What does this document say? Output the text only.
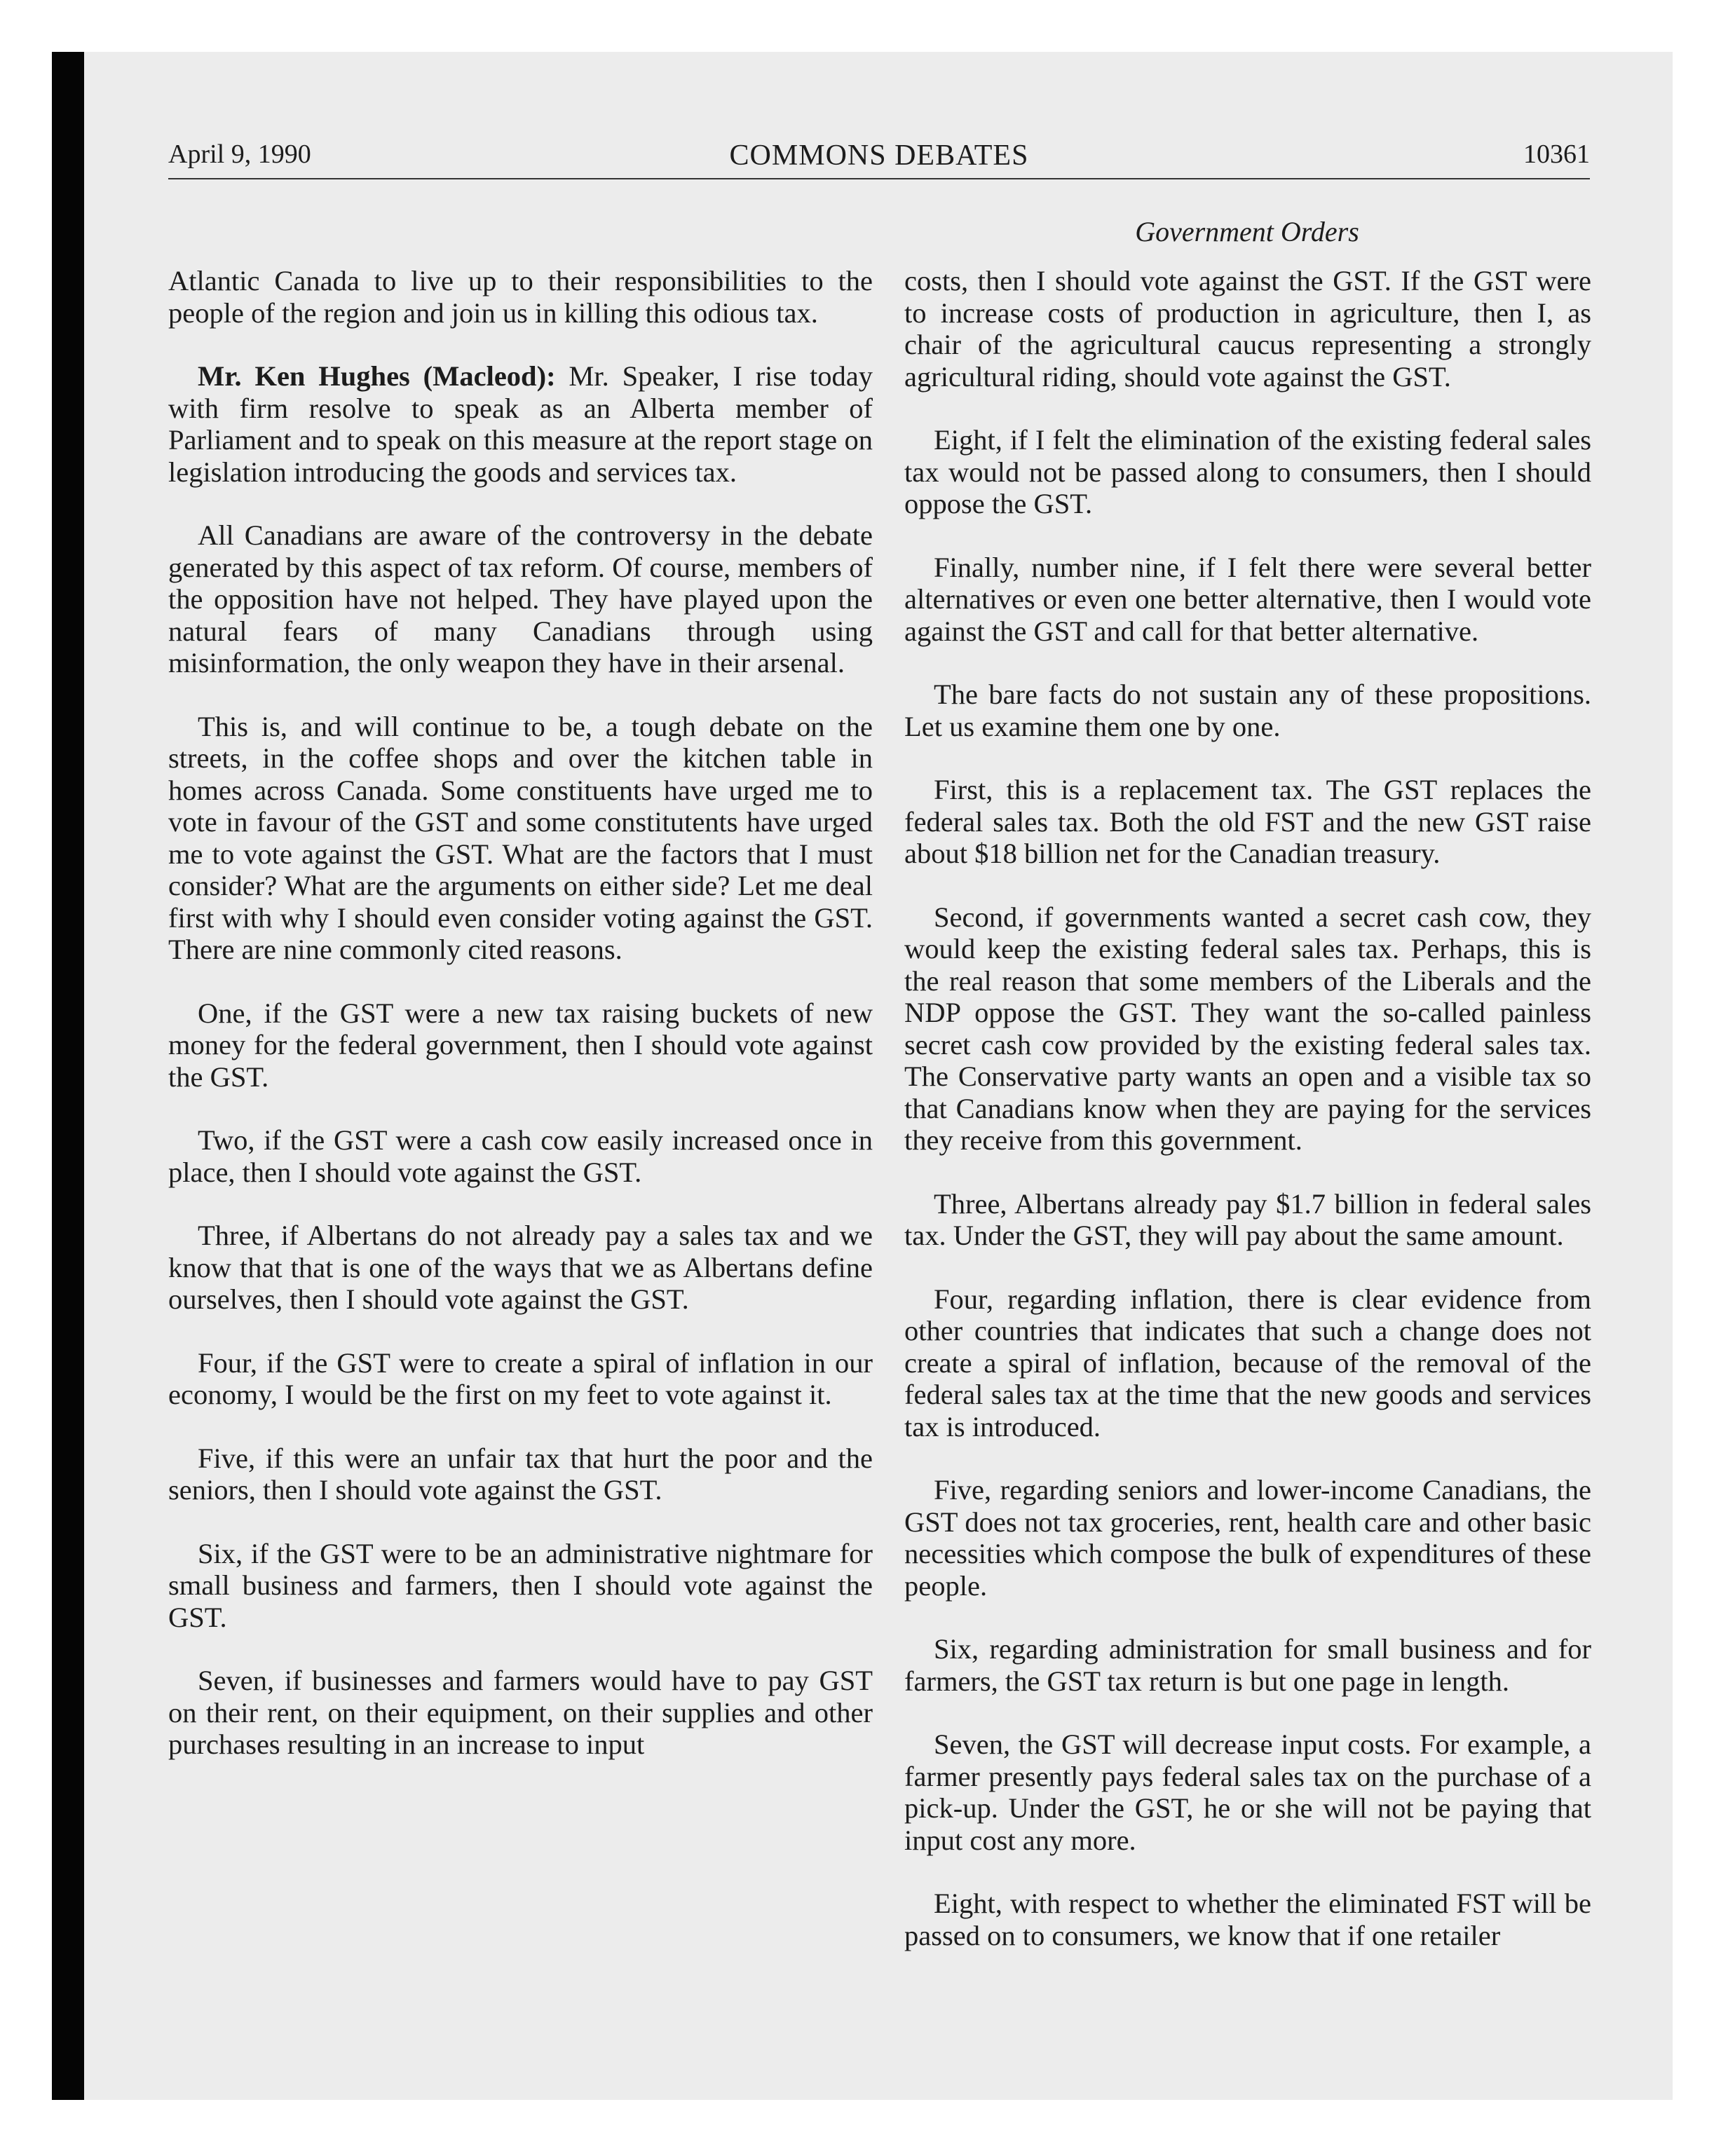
April 9, 1990	COMMONS DEBATES	10361
Government Orders

Atlantic Canada to live up to their responsibilities to the people of the region and join us in killing this odious tax.

Mr. Ken Hughes (Macleod): Mr. Speaker, I rise today with firm resolve to speak as an Alberta member of Parliament and to speak on this measure at the report stage on legislation introducing the goods and services tax.

All Canadians are aware of the controversy in the debate generated by this aspect of tax reform. Of course, members of the opposition have not helped. They have played upon the natural fears of many Canadians through using misinformation, the only weapon they have in their arsenal.

This is, and will continue to be, a tough debate on the streets, in the coffee shops and over the kitchen table in homes across Canada. Some constituents have urged me to vote in favour of the GST and some constitutents have urged me to vote against the GST. What are the factors that I must consider? What are the arguments on either side? Let me deal first with why I should even consider voting against the GST. There are nine commonly cited reasons.

One, if the GST were a new tax raising buckets of new money for the federal government, then I should vote against the GST.

Two, if the GST were a cash cow easily increased once in place, then I should vote against the GST.

Three, if Albertans do not already pay a sales tax and we know that that is one of the ways that we as Albertans define ourselves, then I should vote against the GST.

Four, if the GST were to create a spiral of inflation in our economy, I would be the first on my feet to vote against it.

Five, if this were an unfair tax that hurt the poor and the seniors, then I should vote against the GST.

Six, if the GST were to be an administrative nightmare for small business and farmers, then I should vote against the GST.

Seven, if businesses and farmers would have to pay GST on their rent, on their equipment, on their supplies and other purchases resulting in an increase to input

costs, then I should vote against the GST. If the GST were to increase costs of production in agriculture, then I, as chair of the agricultural caucus representing a strongly agricultural riding, should vote against the GST.

Eight, if I felt the elimination of the existing federal sales tax would not be passed along to consumers, then I should oppose the GST.

Finally, number nine, if I felt there were several better alternatives or even one better alternative, then I would vote against the GST and call for that better alternative.

The bare facts do not sustain any of these propositions. Let us examine them one by one.

First, this is a replacement tax. The GST replaces the federal sales tax. Both the old FST and the new GST raise about $18 billion net for the Canadian treasury.

Second, if governments wanted a secret cash cow, they would keep the existing federal sales tax. Perhaps, this is the real reason that some members of the Liberals and the NDP oppose the GST. They want the so-called painless secret cash cow provided by the existing federal sales tax. The Conservative party wants an open and a visible tax so that Canadians know when they are paying for the services they receive from this government.

Three, Albertans already pay $1.7 billion in federal sales tax. Under the GST, they will pay about the same amount.

Four, regarding inflation, there is clear evidence from other countries that indicates that such a change does not create a spiral of inflation, because of the removal of the federal sales tax at the time that the new goods and services tax is introduced.

Five, regarding seniors and lower-income Canadians, the GST does not tax groceries, rent, health care and other basic necessities which compose the bulk of expenditures of these people.

Six, regarding administration for small business and for farmers, the GST tax return is but one page in length.

Seven, the GST will decrease input costs. For example, a farmer presently pays federal sales tax on the purchase of a pick-up. Under the GST, he or she will not be paying that input cost any more.

Eight, with respect to whether the eliminated FST will be passed on to consumers, we know that if one retailer
